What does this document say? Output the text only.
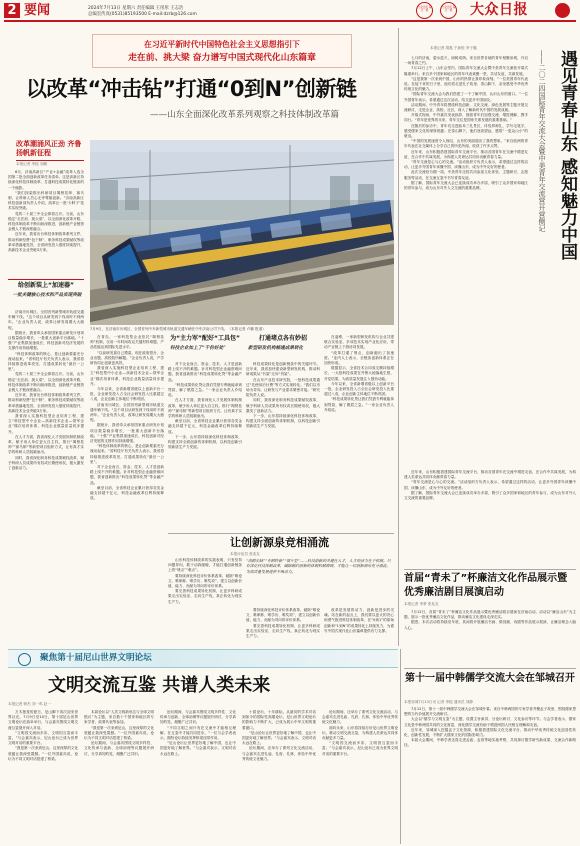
2 要闻	2024年7月13日 星期六 责任编辑 王彤彤 王志浩
总编室传真(0531)85193500 E-mail:dzrb@126.com
大众日报 每日一版
大众日报 每日一版	大众日报
在习近平新时代中国特色社会主义思想指引下
走在前、挑大梁 奋力谱写中国式现代化山东篇章
以改革“冲击钻”打通“0到N”创新链
——山东全面深化改革系列观察之科技体制改革篇
改革潮涌风正劲 齐鲁扬帆新征程
本报记者 李振 刘鹏
7月9日，在济南市历城区，全国首列中车新型城市轨道交通车辆在中车济南公司下线。（本报记者 卢鹏 报道）

6月，济南高新区“产业+金融”改革入选全国第二批全面创新改革任务清单。这是高新区持续深化科技体制改革、打通科技成果转化链条的一个缩影。

“我们探索推出科研项目揭榜挂帅、赛马制，让科研人员心无旁骛搞创新。”济南高新区科技创新部负责人介绍，改革让一批‘卡脖子’技术实现突破。

党的二十届三中全会即将召开。当前，山东锚定“走在前、挑大梁”，以全面深化改革开路，科技体制改革不断向纵深推进，创新链产业链资金链人才链深度融合。

近年来，我省出台科技体制改革系列文件，推动科研经费“包干制”、职务科技成果赋权等改革举措落地见效，全省研发投入强度持续提升，高新技术企业突破3万家。

给创新装上“加速器”
一批关键核心技术和产品实现突破

济南市历城区，全国首列新型城市轨道交通车辆下线。“这个项目从研发到下线用时不到两年。”企业负责人说，改革让研发周期大大缩短。

据统计，我省牵头承担国家重点研发计划项目数量稳步增长，一批重大创新平台落地。“十强”产业集群加速成长，科技创新对经济发展的支撑作用持续增强。

“科技体制改革的核心，是让创新要素充分流动起来。”省科技厅有关负责人表示，我省将持续推进改革攻坚，打通成果转化“最后一公里”。

党的二十届三中全会即将召开。当前，山东锚定“走在前、挑大梁”，以全面深化改革开路，科技体制改革不断向纵深推进，创新链产业链资金链人才链深度融合。

近年来，我省出台科技体制改革系列文件，推动科研经费“包干制”、职务科技成果赋权等改革举措落地见效，全省研发投入强度持续提升，高新技术企业突破3万家。

我省深入实施科技型企业培育工程，建立“科技型中小企业—高新技术企业—领军企业”梯次培育体系，科技企业数量质量同步提升。

在人才方面，我省深化人才发展体制机制改革，赋予用人单位更大自主权，推行“揭榜挂帅”“赛马制”等新型项目组织方式，让有真才实学的科研人员脱颖而出。

同时，我省深化职务科技成果赋权改革，赋予科研人员成果所有权或长期使用权，极大激发了创新活力。

在青岛，一家科技型企业依托“揭榜挂帅”机制，仅用一年时间攻克关键材料难题，产品性能达到国际先进水平。

“以前研发靠自己摸索，现在政府搭台、企业出题、高校院所解题。”企业负责人说，产学研协同让创新更高效。

我省深入实施科技型企业培育工程，建立“科技型中小企业—高新技术企业—领军企业”梯次培育体系，科技企业数量质量同步提升。

今年以来，全省新增省级以上创新平台一批，企业研发投入占全社会研发投入比重超过八成，企业创新主体地位不断巩固。

济南市历城区，全国首列新型城市轨道交通车辆下线。“这个项目从研发到下线用时不到两年。”企业负责人说，改革让研发周期大大缩短。

据统计，我省牵头承担国家重点研发计划项目数量稳步增长，一批重大创新平台落地。“十强”产业集群加速成长，科技创新对经济发展的支撑作用持续增强。

“科技体制改革的核心，是让创新要素充分流动起来。”省科技厅有关负责人表示，我省将持续推进改革攻坚，打通成果转化“最后一公里”。

对于企业而言，资金、技术、人才是创新路上绕不开的难题。针对科技型企业融资难问题，我省创新推出“科技成果转化贷”等金融产品。

截至目前，全省科技企业累计获得各类金融支持超千亿元，科技金融改革红利持续释放。

为“主力军”配好“工具包”
科技企业加上了“千份好处”

对于企业而言，资金、技术、人才是创新路上绕不开的难题。针对科技型企业融资难问题，我省创新推出“科技成果转化贷”等金融产品。

“科技成果转化贷让我们凭借专利就能拿到贷款，解了燃眉之急。”一家企业负责人介绍说。

在人才方面，我省深化人才发展体制机制改革，赋予用人单位更大自主权，推行“揭榜挂帅”“赛马制”等新型项目组织方式，让有真才实学的科研人员脱颖而出。

截至目前，全省科技企业累计获得各类金融支持超千亿元，科技金融改革红利持续释放。

下一步，山东将持续深化科技体制改革，构建支持全面创新的体制机制，以科技创新引领新质生产力发展。

打通堵点各有妙招
新型研发机构畅通成果转化

科技成果转化是创新链条中的关键环节。近年来，我省加快建设新型研发机构，推动科研成果从“书架”走向“货架”。

在山东产业技术研究院，一批科技成果通过“先使用后付费”等方式实现转化。“我们以市场为导向，让研发与产业需求紧密对接。”研究院负责人说。

同时，我省深化职务科技成果赋权改革，赋予科研人员成果所有权或长期使用权，极大激发了创新活力。

下一步，山东将持续深化科技体制改革，构建支持全面创新的体制机制，以科技创新引领新质生产力发展。

在淄博，一家新型研发机构与企业共建联合实验室，多项技术实现产业化应用，带动产业链上下游协同发展。

“改革打通了堵点，创新跑出了加速度。”业内人士表示，全链条创新体系正在加快形成。

数据显示，全省技术合同成交额持续增长，一大批科技成果在齐鲁大地落地生根、开花结果，为高质量发展注入强劲动能。

今年以来，全省新增省级以上创新平台一批，企业研发投入占全社会研发投入比重超过八成，企业创新主体地位不断巩固。

“科技成果转化贷让我们凭借专利就能拿到贷款，解了燃眉之急。”一家企业负责人介绍说。

让创新源泉竞相涌流
本报评论员 张兆友
“高精尖缺”“专精特新”“领军型”……科技创新的关键在人才，人才的活力在于机制。只有深化科技体制改革，破除制约创新的体制机制障碍，才能让一切创新源泉充分涌流，为高质量发展提供不竭动力。

山东科技体制改革的实践表明，只有坚持问题导向，敢于动真碰硬，才能打通创新链条上的“堵点”“难点”。

要持续深化科技评价体系改革，破除“唯论文、唯职称、唯学历、唯奖项”，建立以创新价值、能力、贡献为导向的评价体系。

要完善科技成果转化机制，让更多科研成果走出实验室、走向生产线，真正转化为现实生产力。

要持续深化科技评价体系改革，破除“唯论文、唯职称、唯学历、唯奖项”，建立以创新价值、能力、贡献为导向的评价体系。

要完善科技成果转化机制，让更多科研成果走出实验室、走向生产线，真正转化为现实生产力。

改革是发展的动力，创新是进步的灵魂。站在新的起点上，我们要以更大的决心和勇气推进科技体制改革，在“0到1”的原始创新和“1到N”的成果转化上持续发力，为谱写中国式现代化山东篇章提供有力支撑。

遇见青春山东 感知魅力中国
——二〇二四国际青年交流大会暨中美青年交流营开营侧记
本报记者 胡磊 于新悦 李子璐

七月的济南，碧水蓝天，绿树成荫。来自世界各地的青年相聚泉城，开启一场青春之约。

7月12日上午，山东会堂内，国际青年交流大会暨中美青年交流营开幕式隆重举行。来自多个国家和地区的青年代表欢聚一堂，共话友谊，共谋发展。

“这是我第一次来到中国，山东的热情让我印象深刻。”一位美国青年代表说。在接下来的日子里，他们将走进孔子故里、泰山脚下，亲身感受中华优秀传统文化的魅力。

“国际青年交流大会为我们搭建了一个了解中国、认识山东的窗口。”一位外国青年表示，希望通过这次活动，结交更多中国朋友。

活动期间，中外青年将围绕科技创新、文化交流、绿色发展等主题开展交流研讨，走进企业、高校、社区，深入了解新时代中国的发展成就。

开幕式现场，中外嘉宾发表致辞，鼓励青年们加强交流、增进理解、携手同行。“青年是世界的未来，青年交往是国家关系发展的重要基础。”

在随后的参访中，青年们走进曲阜三孔景区，体验拜师礼、学写毛笔字，感受儒家文化的深厚底蕴；在泰山脚下，他们登高望远，感悟“一览众山小”的豪迈。

“中国的发展速度令人惊叹，山东的美丽超出了我的想象。”来自欧洲的青年代表在社交媒体上分享自己的所见所闻，收获了许多点赞。

近年来，山东积极搭建国际青年交流平台，推动各国青年在交流中增进友谊、在合作中共谋发展，为构建人类命运共同体贡献青春力量。

“青年交流是心与心的交流。”活动组织方负责人表示，希望通过这样的活动，让更多外国青年读懂中国、读懂山东，成为中外友好的使者。

此次交流营为期一周，中美青年还将共同参加文化体验、主题研讨、志愿服务等活动，在交流互鉴中书写青春友谊。

据了解，国际青年交流大会已连续成功举办多届，吸引了众多国家和地区的青年参与，成为山东对外人文交流的重要品牌。

近年来，山东积极搭建国际青年交流平台，推动各国青年在交流中增进友谊、在合作中共谋发展，为构建人类命运共同体贡献青春力量。

“青年交流是心与心的交流。”活动组织方负责人表示，希望通过这样的活动，让更多外国青年读懂中国、读懂山东，成为中外友好的使者。

据了解，国际青年交流大会已连续成功举办多届，吸引了众多国家和地区的青年参与，成为山东对外人文交流的重要品牌。

首届“青未了”杯廉洁文化作品展示暨优秀廉洁剧目展演启动
本报记者 李梦 张兆友

7月12日，首届“青未了”杯廉洁文化作品展示暨优秀廉洁剧目展演在济南启动。活动以“廉洁山东”为主题，展示一批优秀廉洁文化作品，推动廉洁文化建设走深走实。

据悉，本次活动将持续至年底，其间将开展廉洁书画、微视频、戏剧等作品展示展演，让廉洁理念入脑入心。

第十一届中韩儒学交流大会在邹城召开
本报邹城7月13日讯 记者 李振 通讯员 刘静

7月12日，第十一届中韩儒学交流大会在邹城开幕。来自中韩两国的专家学者齐聚孟子故里，围绕儒家思想的当代价值展开交流研讨。

大会以“儒学与文明互鉴”为主题，设置主旨演讲、分论坛研讨、文化参访等环节。与会学者表示，儒家文化是中韩两国共同的文化财富，深化儒学交流有助于增进两国人民相互理解和友谊。

近年来，邹城深入挖掘孟子文化资源，积极搭建国际文化交流平台，推动中华优秀传统文化创造性转化、创新性发展，不断扩大儒家文化的国际影响力。

本届大会期间，中韩学者还将走进孟庙、孟府等地实地考察，共同探讨儒学研究新成果、交流合作新路径。

聚焦第十届尼山世界文明论坛
文明交流互鉴 共谱人类未来
本报记者 韩杰 刘一鸣 赵一

万木葱茏的夏日，尼山脚下再次迎来世界目光。7月9日至10日，第十届尼山世界文明论坛在曲阜举行，与会嘉宾围绕文明交流互鉴展开深入对话。

“文明因交流而多彩，文明因互鉴而丰富。”与会嘉宾表示，尼山论坛已成为世界文明对话的重要平台。

“我是第一次来到尼山，这里深厚的文化底蕴让我深受震撼。”一位外国嘉宾说，论坛为不同文明对话搭建了桥梁。

本届论坛以“人类文明新形态与全球文明倡议”为主题，来自数十个国家和地区的专家学者、政要代表等参加。

“我是第一次来到尼山，这里深厚的文化底蕴让我深受震撼。”一位外国嘉宾说，论坛为不同文明对话搭建了桥梁。

论坛期间，与会嘉宾围绕文明多样性、文化传承与创新、全球治理等议题展开研讨，分享真知灼见，凝聚广泛共识。

论坛期间，与会嘉宾围绕文明多样性、文化传承与创新、全球治理等议题展开研讨，分享真知灼见，凝聚广泛共识。

“不同文明之间只有在交流中才能相互理解，在互鉴中才能共同进步。”一位与会学者表示，期待论坛持续发挥桥梁纽带作用。

“尼山论坛让世界更好地了解中国，也让中国更好地了解世界。”与会嘉宾表示，文明对话永远在路上。

十届论坛，十年耕耘。从最初的学术对话到如今的国际性高端论坛，尼山世界文明论坛的影响力不断扩大，已成为展示中华文明的重要窗口。

“尼山论坛让世界更好地了解中国，也让中国更好地了解世界。”与会嘉宾表示，文明对话永远在路上。

论坛期间，还举办了系列文化交流活动，与会嘉宾走进孔庙、孔府、孔林，体验中华优秀传统文化魅力。

论坛期间，还举办了系列文化交流活动，与会嘉宾走进孔庙、孔府、孔林，体验中华优秀传统文化魅力。

面向未来，山东将持续办好尼山世界文明论坛，推动文明交流互鉴，为构建人类命运共同体贡献更多力量。

“文明因交流而多彩，文明因互鉴而丰富。”与会嘉宾表示，尼山论坛已成为世界文明对话的重要平台。
